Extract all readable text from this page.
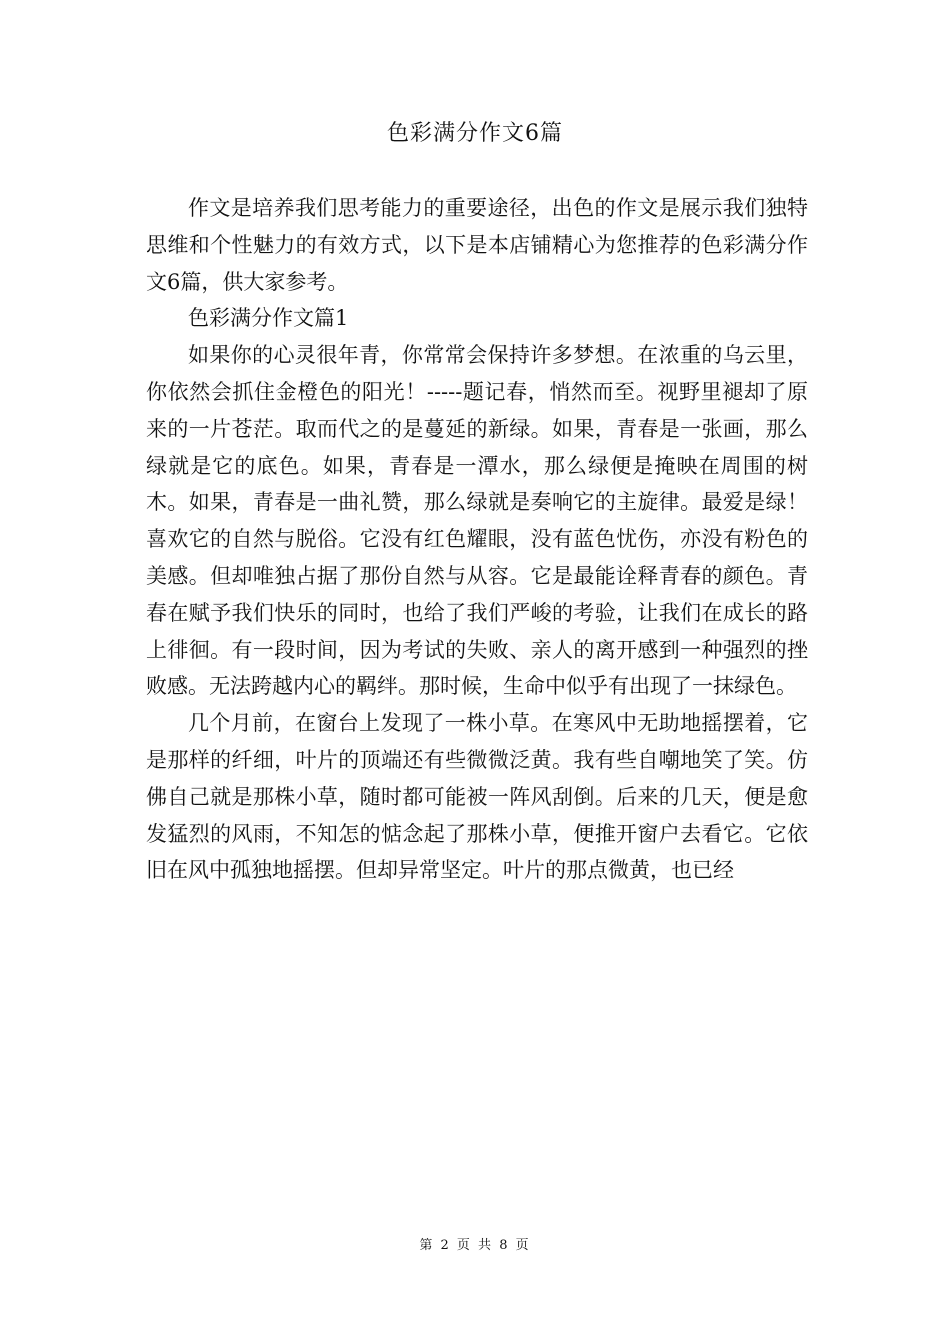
色彩满分作文6篇

作文是培养我们思考能力的重要途径，出色的作文是展示我们独特思维和个性魅力的有效方式，以下是本店铺精心为您推荐的色彩满分作文6篇，供大家参考。

色彩满分作文篇1

如果你的心灵很年青，你常常会保持许多梦想。在浓重的乌云里，你依然会抓住金橙色的阳光！-----题记春，悄然而至。视野里褪却了原来的一片苍茫。取而代之的是蔓延的新绿。如果，青春是一张画，那么绿就是它的底色。如果，青春是一潭水，那么绿便是掩映在周围的树木。如果，青春是一曲礼赞，那么绿就是奏响它的主旋律。最爱是绿！喜欢它的自然与脱俗。它没有红色耀眼，没有蓝色忧伤，亦没有粉色的美感。但却唯独占据了那份自然与从容。它是最能诠释青春的颜色。青春在赋予我们快乐的同时，也给了我们严峻的考验，让我们在成长的路上徘徊。有一段时间，因为考试的失败、亲人的离开感到一种强烈的挫败感。无法跨越内心的羁绊。那时候，生命中似乎有出现了一抹绿色。

几个月前，在窗台上发现了一株小草。在寒风中无助地摇摆着，它是那样的纤细，叶片的顶端还有些微微泛黄。我有些自嘲地笑了笑。仿佛自己就是那株小草，随时都可能被一阵风刮倒。后来的几天，便是愈发猛烈的风雨，不知怎的惦念起了那株小草，便推开窗户去看它。它依旧在风中孤独地摇摆。但却异常坚定。叶片的那点微黄，也已经

第 2 页 共 8 页
